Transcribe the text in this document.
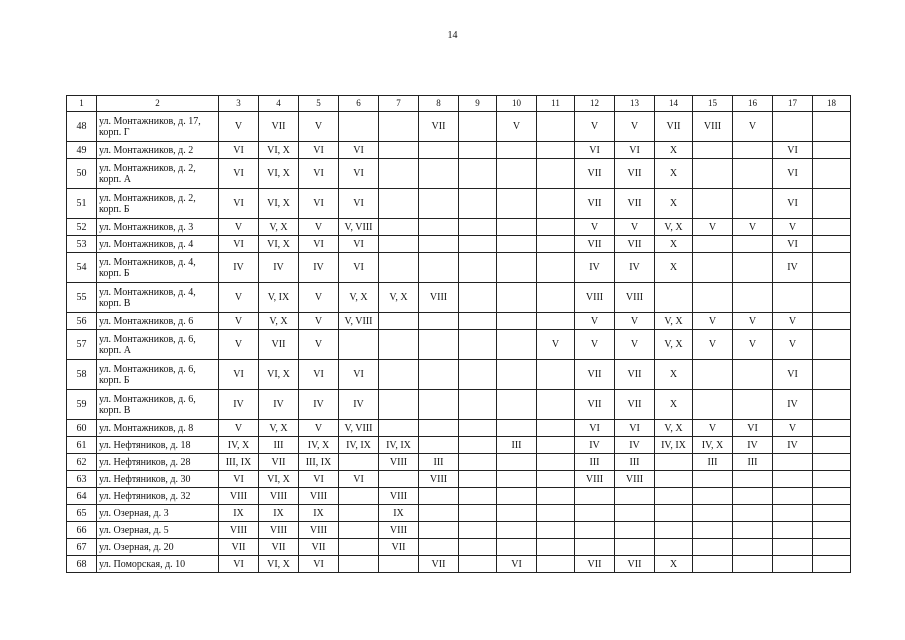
14
1	2	3	4	5	6	7	8	9	10	11	12	13	14	15	16	17	18
48	ул. Монтажников, д. 17, корп. Г	V	VII	V			VII		V		V	V	VII	VIII	V		
49	ул. Монтажников, д. 2	VI	VI, X	VI	VI						VI	VI	X			VI	
50	ул. Монтажников, д. 2, корп. А	VI	VI, X	VI	VI						VII	VII	X			VI	
51	ул. Монтажников, д. 2, корп. Б	VI	VI, X	VI	VI						VII	VII	X			VI	
52	ул. Монтажников, д. 3	V	V, X	V	V, VIII						V	V	V, X	V	V	V	
53	ул. Монтажников, д. 4	VI	VI, X	VI	VI						VII	VII	X			VI	
54	ул. Монтажников, д. 4, корп. Б	IV	IV	IV	VI						IV	IV	X			IV	
55	ул. Монтажников, д. 4, корп. В	V	V, IX	V	V, X	V, X	VIII				VIII	VIII					
56	ул. Монтажников, д. 6	V	V, X	V	V, VIII						V	V	V, X	V	V	V	
57	ул. Монтажников, д. 6, корп. А	V	VII	V						V	V	V	V, X	V	V	V	
58	ул. Монтажников, д. 6, корп. Б	VI	VI, X	VI	VI						VII	VII	X			VI	
59	ул. Монтажников, д. 6, корп. В	IV	IV	IV	IV						VII	VII	X			IV	
60	ул. Монтажников, д. 8	V	V, X	V	V, VIII						VI	VI	V, X	V	VI	V	
61	ул. Нефтяников, д. 18	IV, X	III	IV, X	IV, IX	IV, IX			III		IV	IV	IV, IX	IV, X	IV	IV	
62	ул. Нефтяников, д. 28	III, IX	VII	III, IX		VIII	III				III	III		III	III		
63	ул. Нефтяников, д. 30	VI	VI, X	VI	VI		VIII				VIII	VIII					
64	ул. Нефтяников, д. 32	VIII	VIII	VIII		VIII											
65	ул. Озерная, д. 3	IX	IX	IX		IX											
66	ул. Озерная, д. 5	VIII	VIII	VIII		VIII											
67	ул. Озерная, д. 20	VII	VII	VII		VII											
68	ул. Поморская, д. 10	VI	VI, X	VI			VII		VI		VII	VII	X				
